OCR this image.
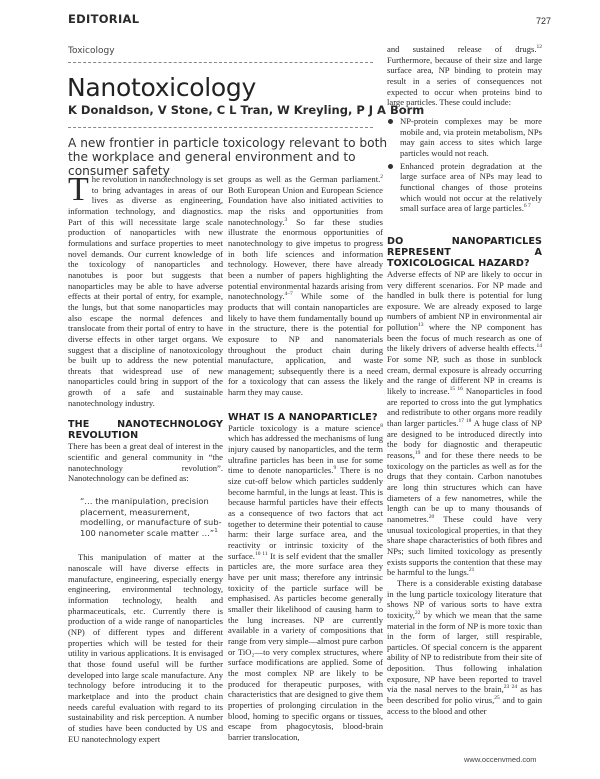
EDITORIAL	727
Toxicology
Nanotoxicology
K Donaldson, V Stone, C L Tran, W Kreyling, P J A Borm
A new frontier in particle toxicology relevant to both the workplace and general environment and to consumer safety

The revolution in nanotechnology is set to bring advantages in areas of our lives as diverse as engineering, information technology, and diagnostics. Part of this will necessitate large scale production of nanoparticles with new formulations and surface properties to meet novel demands. Our current knowledge of the toxicology of nanoparticles and nanotubes is poor but suggests that nanoparticles may be able to have adverse effects at their portal of entry, for example, the lungs, but that some nanoparticles may also escape the normal defences and translocate from their portal of entry to have diverse effects in other target organs. We suggest that a discipline of nanotoxicology be built up to address the new potential threats that widespread use of new nanoparticles could bring in support of the growth of a safe and sustainable nanotechnology industry.

THE NANOTECHNOLOGY REVOLUTION

There has been a great deal of interest in the scientific and general community in “the nanotechnology revolution”. Nanotechnology can be defined as:

“… the manipulation, precision placement, measurement, modelling, or manufacture of sub-100 nanometer scale matter …”$^1$

This manipulation of matter at the nanoscale will have diverse effects in manufacture, engineering, especially energy engineering, environmental technology, information technology, health and pharmaceuticals, etc. Currently there is production of a wide range of nanoparticles (NP) of different types and different properties which will be tested for their utility in various applications. It is envisaged that those found useful will be further developed into large scale manufacture. Any technology before introducing it to the marketplace and into the product chain needs careful evaluation with regard to its sustainability and risk perception. A number of studies have been conducted by US and EU nanotechnology expert

groups as well as the German parliament.$^2$ Both European Union and European Science Foundation have also initiated activities to map the risks and opportunities from nanotechnology.$^3$ So far these studies illustrate the enormous opportunities of nanotechnology to give impetus to progress in both life sciences and information technology. However, there have already been a number of papers highlighting the potential environmental hazards arising from nanotechnology.$^{4-7}$ While some of the products that will contain nanoparticles are likely to have them fundamentally bound up in the structure, there is the potential for exposure to NP and nanomaterials throughout the product chain during manufacture, application, and waste management; subsequently there is a need for a toxicology that can assess the likely harm they may cause.

WHAT IS A NANOPARTICLE?

Particle toxicology is a mature science$^8$ which has addressed the mechanisms of lung injury caused by nanoparticles, and the term ultrafine particles has been in use for some time to denote nanoparticles.$^9$ There is no size cut-off below which particles suddenly become harmful, in the lungs at least. This is because harmful particles have their effects as a consequence of two factors that act together to determine their potential to cause harm: their large surface area, and the reactivity or intrinsic toxicity of the surface.$^{10 11}$ It is self evident that the smaller particles are, the more surface area they have per unit mass; therefore any intrinsic toxicity of the particle surface will be emphasised. As particles become generally smaller their likelihood of causing harm to the lung increases. NP are currently available in a variety of compositions that range from very simple—almost pure carbon or TiO₂—to very complex structures, where surface modifications are applied. Some of the most complex NP are likely to be produced for therapeutic purposes, with characteristics that are designed to give them properties of prolonging circulation in the blood, homing to specific organs or tissues, escape from phagocytosis, blood-brain barrier translocation,

and sustained release of drugs.$^{12}$ Furthermore, because of their size and large surface area, NP binding to protein may result in a series of consequences not expected to occur when proteins bind to large particles. These could include:

NP-protein complexes may be more mobile and, via protein metabolism, NPs may gain access to sites which large particles would not reach.
Enhanced protein degradation at the large surface area of NPs may lead to functional changes of those proteins which would not occur at the relatively small surface area of large particles.$^{6 7}$
DO NANOPARTICLES REPRESENT A TOXICOLOGICAL HAZARD?

Adverse effects of NP are likely to occur in very different scenarios. For NP made and handled in bulk there is potential for lung exposure. We are already exposed to large numbers of ambient NP in environmental air pollution$^{13}$ where the NP component has been the focus of much research as one of the likely drivers of adverse health effects.$^{14}$ For some NP, such as those in sunblock cream, dermal exposure is already occurring and the range of different NP in creams is likely to increase.$^{15 16}$ Nanoparticles in food are reported to cross into the gut lymphatics and redistribute to other organs more readily than larger particles.$^{17 18}$ A huge class of NP are designed to be introduced directly into the body for diagnostic and therapeutic reasons,$^{19}$ and for these there needs to be toxicology on the particles as well as for the drugs that they contain. Carbon nanotubes are long thin structures which can have diameters of a few nanometres, while the length can be up to many thousands of nanometres.$^{20}$ These could have very unusual toxicological properties, in that they share shape characteristics of both fibres and NPs; such limited toxicology as presently exists supports the contention that these may be harmful to the lungs.$^{21}$

There is a considerable existing database in the lung particle toxicology literature that shows NP of various sorts to have extra toxicity,$^{22}$ by which we mean that the same material in the form of NP is more toxic than in the form of larger, still respirable, particles. Of special concern is the apparent ability of NP to redistribute from their site of deposition. Thus following inhalation exposure, NP have been reported to travel via the nasal nerves to the brain,$^{23 24}$ as has been described for polio virus,$^{25}$ and to gain access to the blood and other

www.occenvmed.com
